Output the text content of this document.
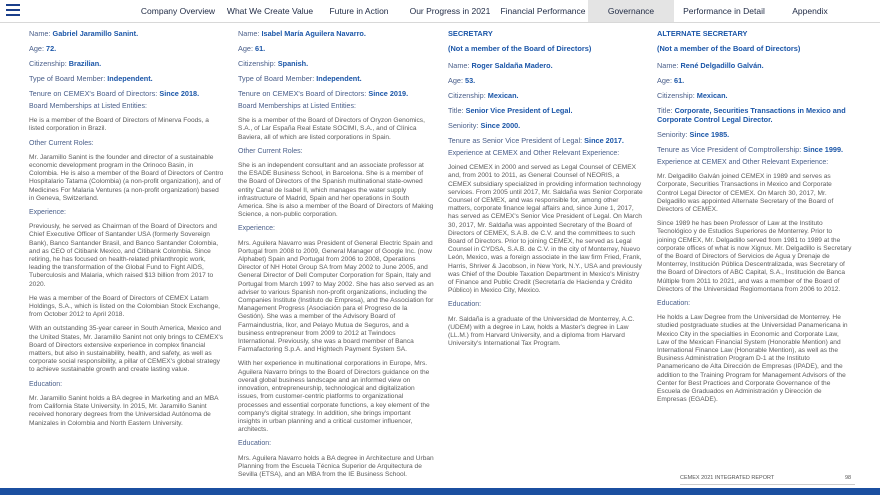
Company Overview	What We Create Value	Future in Action	Our Progress in 2021	Financial Performance	Governance	Performance in Detail	Appendix
Name: Gabriel Jaramillo Sanint.
Age: 72.
Citizenship: Brazilian.
Type of Board Member: Independent.
Tenure on CEMEX's Board of Directors: Since 2018.

Board Memberships at Listed Entities:

He is a member of the Board of Directors of Minerva Foods, a listed corporation in Brazil.

Other Current Roles:

Mr. Jaramillo Sanint is the founder and director of a sustainable economic development program in the Orinoco Basin, in Colombia. He is also a member of the Board of Directors of Centro Hospitalario Tatama (Colombia) (a non-profit organization), and of Medicines For Malaria Ventures (a non-profit organization) based in Geneva, Switzerland.

Experience:

Previously, he served as Chairman of the Board of Directors and Chief Executive Officer of Santander USA (formerly Sovereign Bank), Banco Santander Brasil, and Banco Santander Colombia, and as CEO of Citibank Mexico, and Citibank Colombia. Since retiring, he has focused on health-related philanthropic work, leading the transformation of the Global Fund to Fight AIDS, Tuberculosis and Malaria, which raised $13 billion from 2017 to 2020.

He was a member of the Board of Directors of CEMEX Latam Holdings, S.A., which is listed on the Colombian Stock Exchange, from October 2012 to April 2018.

With an outstanding 35-year career in South America, Mexico and the United States, Mr. Jaramillo Sanint not only brings to CEMEX's Board of Directors extensive experience in complex financial matters, but also in sustainability, health, and safety, as well as corporate social responsibility, a pillar of CEMEX's global strategy to achieve sustainable growth and create lasting value.

Education:

Mr. Jaramillo Sanint holds a BA degree in Marketing and an MBA from California State University. In 2015, Mr. Jaramillo Sanint received honorary degrees from the Universidad Autónoma de Manizales in Colombia and North Eastern University.

Name: Isabel María Aguilera Navarro.
Age: 61.
Citizenship: Spanish.
Type of Board Member: Independent.
Tenure on CEMEX's Board of Directors: Since 2019.

Board Memberships at Listed Entities:

She is a member of the Board of Directors of Oryzon Genomics, S.A., of Lar España Real Estate SOCIMI, S.A., and of Clínica Baviera, all of which are listed corporations in Spain.

Other Current Roles:

She is an independent consultant and an associate professor at the ESADE Business School, in Barcelona. She is a member of the Board of Directors of the Spanish multinational state-owned entity Canal de Isabel II, which manages the water supply infrastructure of Madrid, Spain and her operations in South America. She is also a member of the Board of Directors of Making Science, a non-public corporation.

Experience:

Mrs. Aguilera Navarro was President of General Electric Spain and Portugal from 2008 to 2009, General Manager of Google Inc. (now Alphabet) Spain and Portugal from 2006 to 2008, Operations Director of NH Hotel Group SA from May 2002 to June 2005, and General Director of Dell Computer Corporation for Spain, Italy and Portugal from March 1997 to May 2002. She has also served as an adviser to various Spanish non-profit organizations, including the Companies Institute (Instituto de Empresa), and the Association for Management Progress (Asociación para el Progreso de la Gestión). She was a member of the Advisory Board of Farmaindustria, Ikor, and Pelayo Mutua de Seguros, and a business entrepreneur from 2009 to 2012 at Twindocs International. Previously, she was a board member of Banca Farmafactoring S.p.A. and Hightech Payment System SA.

With her experience in multinational corporations in Europe, Mrs. Aguilera Navarro brings to the Board of Directors guidance on the overall global business landscape and an informed view on innovation, entrepreneurship, technological and digitalization issues, from customer-centric platforms to organizational processes and essential corporate functions, a key element of the company's digital strategy. In addition, she brings important insights in urban planning and a critical customer influencer, architects.

Education:

Mrs. Aguilera Navarro holds a BA degree in Architecture and Urban Planning from the Escuela Técnica Superior de Arquitectura de Sevilla (ETSA), and an MBA from the IE Business School.

SECRETARY

(Not a member of the Board of Directors)

Name: Roger Saldaña Madero.
Age: 53.
Citizenship: Mexican.
Title: Senior Vice President of Legal.
Seniority: Since 2000.
Tenure as Senior Vice President of Legal: Since 2017.

Experience at CEMEX and Other Relevant Experience:

Joined CEMEX in 2000 and served as Legal Counsel of CEMEX and, from 2001 to 2011, as General Counsel of NEORIS, a CEMEX subsidiary specialized in providing information technology services. From 2005 until 2017, Mr. Saldaña was Senior Corporate Counsel of CEMEX, and was responsible for, among other matters, corporate finance legal affairs and, since June 1, 2017, has served as CEMEX's Senior Vice President of Legal. On March 30, 2017, Mr. Saldaña was appointed Secretary of the Board of Directors of CEMEX, S.A.B. de C.V. and the committees to such Board of Directors. Prior to joining CEMEX, he served as Legal Counsel in CYDSA, S.A.B. de C.V. in the city of Monterrey, Nuevo León, Mexico, was a foreign associate in the law firm Fried, Frank, Harris, Shriver & Jacobson, in New York, N.Y., USA and previously was Chief of the Double Taxation Department in Mexico's Ministry of Finance and Public Credit (Secretaría de Hacienda y Crédito Público) in Mexico City, Mexico.

Education:

Mr. Saldaña is a graduate of the Universidad de Monterrey, A.C. (UDEM) with a degree in Law, holds a Master's degree in Law (LL.M.) from Harvard University, and a diploma from Harvard University's International Tax Program.

ALTERNATE SECRETARY

(Not a member of the Board of Directors)

Name: René Delgadillo Galván.
Age: 61.
Citizenship: Mexican.
Title: Corporate, Securities Transactions in Mexico and Corporate Control Legal Director.
Seniority: Since 1985.
Tenure as Vice President of Comptrollership: Since 1999.

Experience at CEMEX and Other Relevant Experience:

Mr. Delgadillo Galván joined CEMEX in 1989 and serves as Corporate, Securities Transactions in Mexico and Corporate Control Legal Director of CEMEX. On March 30, 2017, Mr. Delgadillo was appointed Alternate Secretary of the Board of Directors of CEMEX.

Since 1989 he has been Professor of Law at the Instituto Tecnológico y de Estudios Superiores de Monterrey. Prior to joining CEMEX, Mr. Delgadillo served from 1981 to 1989 at the corporate offices of what is now Xignux. Mr. Delgadillo is Secretary of the Board of Directors of Servicios de Agua y Drenaje de Monterrey, Institución Pública Descentralizada, was Secretary of the Board of Directors of ABC Capital, S.A., Institución de Banca Múltiple from 2011 to 2021, and was a member of the Board of Directors of the Universidad Regiomontana from 2006 to 2012.

Education:

He holds a Law Degree from the Universidad de Monterrey. He studied postgraduate studies at the Universidad Panamericana in Mexico City in the specialties in Economic and Corporate Law, Law of the Mexican Financial System (Honorable Mention) and International Finance Law (Honorable Mention), as well as the Business Administration Program D-1 at the Instituto Panamericano de Alta Dirección de Empresas (IPADE), and the addition to the Training Program for Management Advisors of the Center for Best Practices and Corporate Governance of the Escuela de Graduados en Administración y Dirección de Empresas (EGADE).

CEMEX 2021 INTEGRATED REPORT	98
